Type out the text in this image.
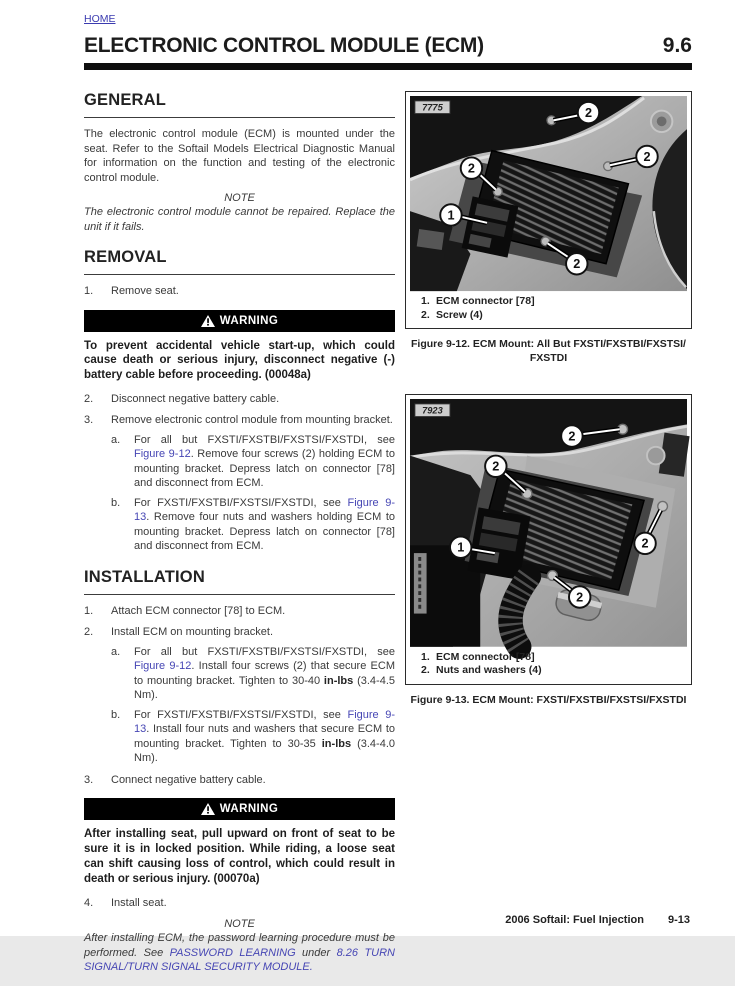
HOME
ELECTRONIC CONTROL MODULE (ECM)	9.6
GENERAL

The electronic control module (ECM) is mounted under the seat. Refer to the Softail Models Electrical Diagnostic Manual for information on the function and testing of the electronic control module.

NOTE

The electronic control module cannot be repaired. Replace the unit if it fails.

REMOVAL
1.	Remove seat.
WARNING

To prevent accidental vehicle start-up, which could cause death or serious injury, disconnect negative (-) battery cable before proceeding. (00048a)

2.	Disconnect negative battery cable.
3.	Remove electronic control module from mounting bracket.
a.	For all but FXSTI/FXSTBI/FXSTSI/FXSTDI, see Figure 9-12. Remove four screws (2) holding ECM to mounting bracket. Depress latch on connector [78] and disconnect from ECM.
b.	For FXSTI/FXSTBI/FXSTSI/FXSTDI, see Figure 9-13. Remove four nuts and washers holding ECM to mounting bracket. Depress latch on connector [78] and disconnect from ECM.
INSTALLATION
1.	Attach ECM connector [78] to ECM.
2.	Install ECM on mounting bracket.
a.	For all but FXSTI/FXSTBI/FXSTSI/FXSTDI, see Figure 9-12. Install four screws (2) that secure ECM to mounting bracket. Tighten to 30-40 in-lbs (3.4-4.5 Nm).
b.	For FXSTI/FXSTBI/FXSTSI/FXSTDI, see Figure 9-13. Install four nuts and washers that secure ECM to mounting bracket. Tighten to 30-35 in-lbs (3.4-4.0 Nm).
3.	Connect negative battery cable.
WARNING

After installing seat, pull upward on front of seat to be sure it is in locked position. While riding, a loose seat can shift causing loss of control, which could result in death or serious injury. (00070a)

4.	Install seat.
NOTE

After installing ECM, the password learning procedure must be performed. See PASSWORD LEARNING under 8.26 TURN SIGNAL/TURN SIGNAL SECURITY MODULE.

1
2
2
2
2
7775
1. ECM connector [78]
2. Screw (4)
Figure 9-12. ECM Mount: All But FXSTI/FXSTBI/FXSTSI/
FXSTDI
2
2
2
2
1
7923
1. ECM connector [78]
2. Nuts and washers (4)
Figure 9-13. ECM Mount: FXSTI/FXSTBI/FXSTSI/FXSTDI
2006 Softail: Fuel Injection 9-13
